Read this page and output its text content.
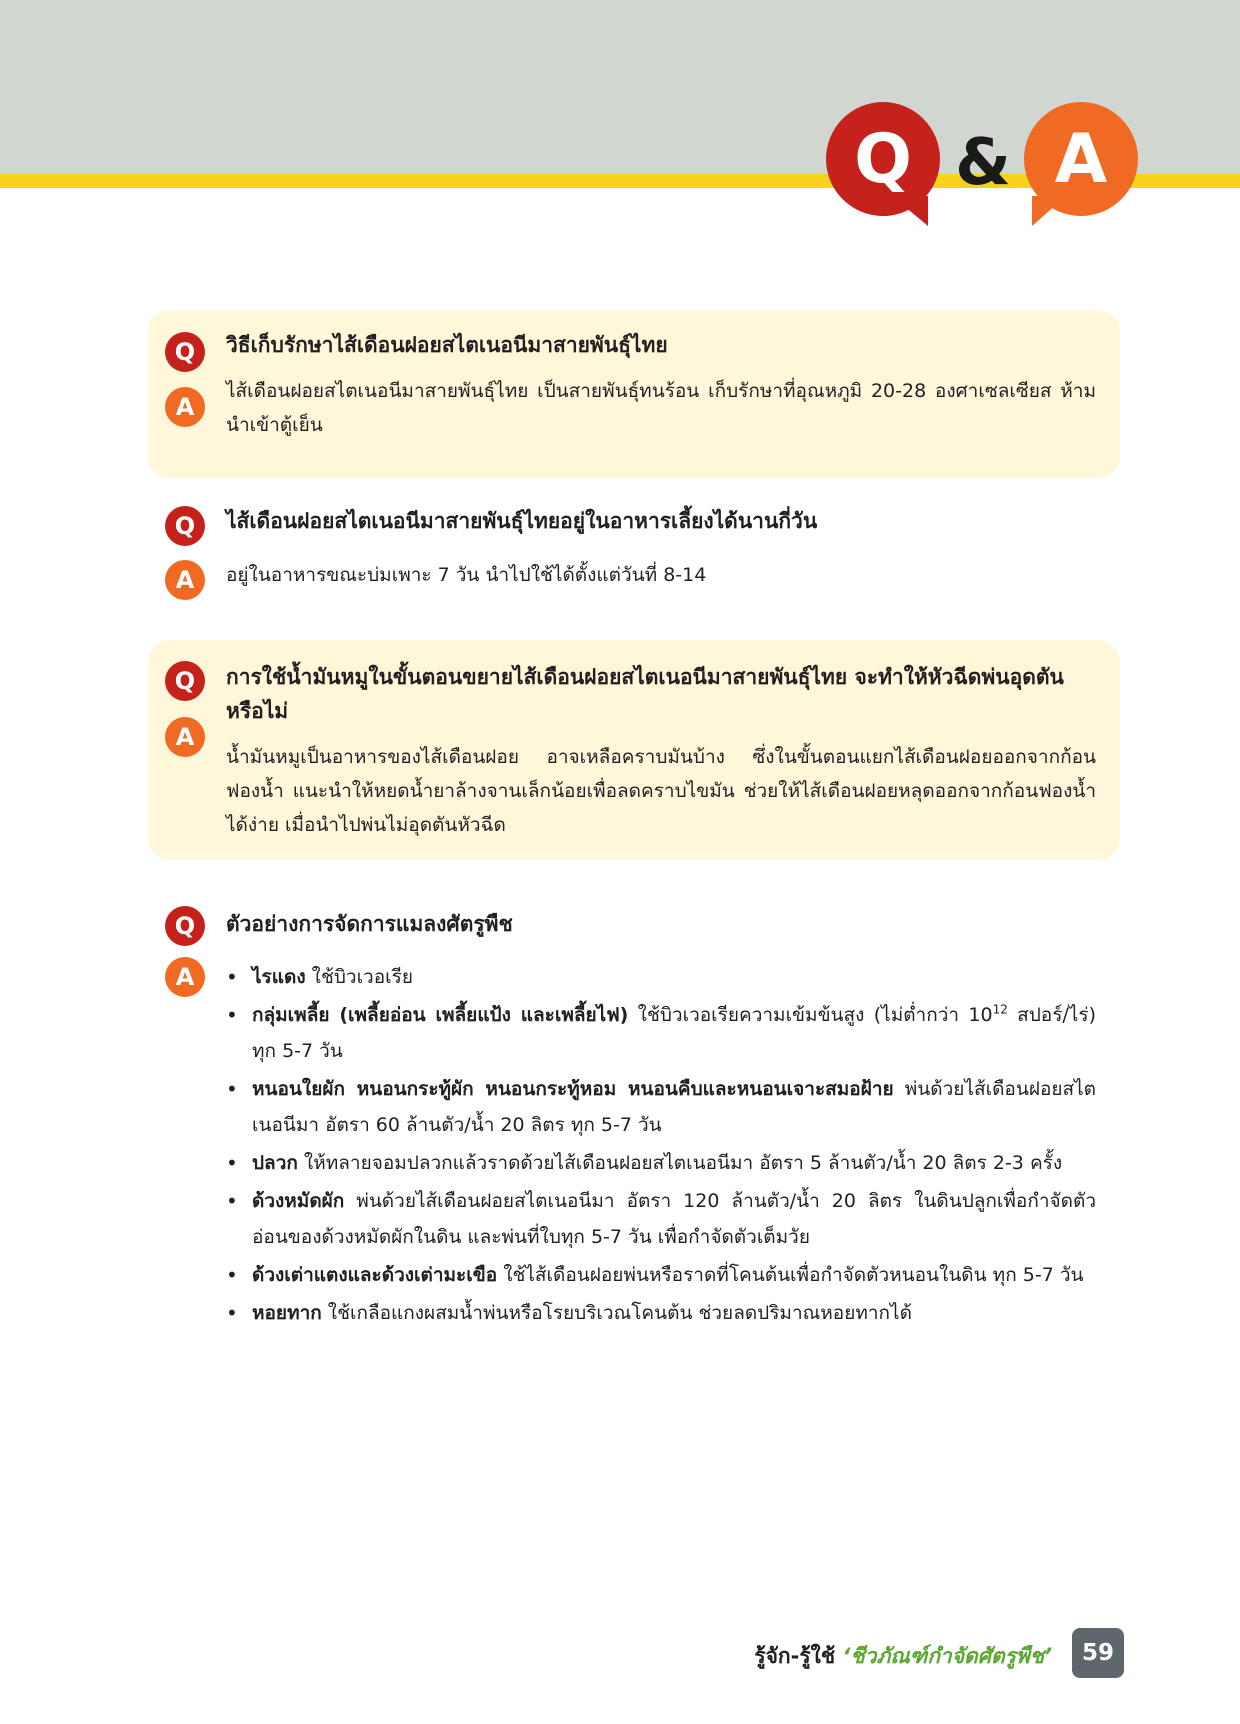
Q & A
Q	วิธีเก็บรักษาไส้เดือนฝอยสไตเนอนีมาสายพันธุ์ไทย

A

ไส้เดือนฝอยสไตเนอนีมาสายพันธุ์ไทย เป็นสายพันธุ์ทนร้อน เก็บรักษาที่อุณหภูมิ 20-28 องศาเซลเซียส ห้ามนำเข้าตู้เย็น

Q	ไส้เดือนฝอยสไตเนอนีมาสายพันธุ์ไทยอยู่ในอาหารเลี้ยงได้นานกี่วัน

A	อยู่ในอาหารขณะบ่มเพาะ 7 วัน นำไปใช้ได้ตั้งแต่วันที่ 8-14

Q	การใช้น้ำมันหมูในขั้นตอนขยายไส้เดือนฝอยสไตเนอนีมาสายพันธุ์ไทย จะทำให้หัวฉีดพ่นอุดตันหรือไม่

A

น้ำมันหมูเป็นอาหารของไส้เดือนฝอย อาจเหลือคราบมันบ้าง ซึ่งในขั้นตอนแยกไส้เดือนฝอยออกจากก้อนฟองน้ำ แนะนำให้หยดน้ำยาล้างจานเล็กน้อยเพื่อลดคราบไขมัน ช่วยให้ไส้เดือนฝอยหลุดออกจากก้อนฟองน้ำได้ง่าย เมื่อนำไปพ่นไม่อุดตันหัวฉีด

Q	ตัวอย่างการจัดการแมลงศัตรูพืช

A
•	ไรแดง ใช้บิวเวอเรีย
• กลุ่มเพลี้ย (เพลี้ยอ่อน เพลี้ยแป้ง และเพลี้ยไฟ) ใช้บิวเวอเรียความเข้มข้นสูง (ไม่ต่ำกว่า $10^{12}$ สปอร์/ไร่) ทุก 5-7 วัน
• หนอนใยผัก หนอนกระทู้ผัก หนอนกระทู้หอม หนอนคืบและหนอนเจาะสมอฝ้าย พ่นด้วยไส้เดือนฝอยสไตเนอนีมา อัตรา 60 ล้านตัว/น้ำ 20 ลิตร ทุก 5-7 วัน
• ปลวก ให้ทลายจอมปลวกแล้วราดด้วยไส้เดือนฝอยสไตเนอนีมา อัตรา 5 ล้านตัว/น้ำ 20 ลิตร 2-3 ครั้ง
• ด้วงหมัดผัก พ่นด้วยไส้เดือนฝอยสไตเนอนีมา อัตรา 120 ล้านตัว/น้ำ 20 ลิตร ในดินปลูกเพื่อกำจัดตัวอ่อนของด้วงหมัดผักในดิน และพ่นที่ใบทุก 5-7 วัน เพื่อกำจัดตัวเต็มวัย
• ด้วงเต่าแตงและด้วงเต่ามะเขือ ใช้ไส้เดือนฝอยพ่นหรือราดที่โคนต้นเพื่อกำจัดตัวหนอนในดิน ทุก 5-7 วัน
• หอยทาก ใช้เกลือแกงผสมน้ำพ่นหรือโรยบริเวณโคนต้น ช่วยลดปริมาณหอยทากได้
รู้จัก-รู้ใช้ ‘ชีวภัณฑ์กำจัดศัตรูพืช’	59
